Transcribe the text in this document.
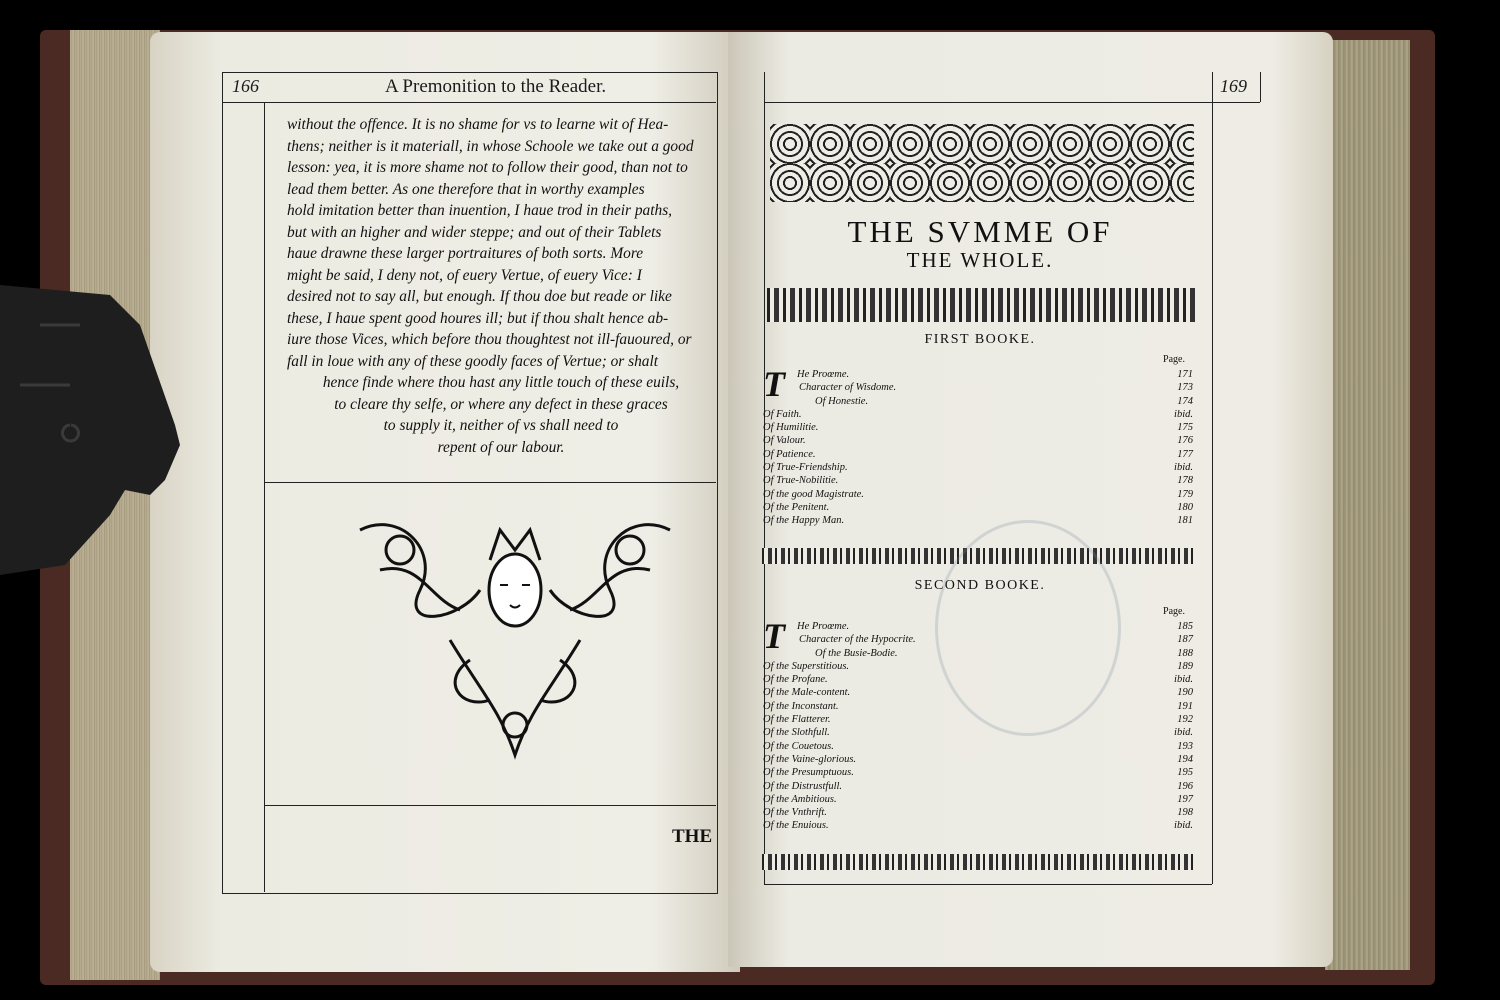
166	A Premonition to the Reader.
without the offence. It is no shame for vs to learne wit of Hea-
thens; neither is it materiall, in whose Schoole we take out a good
lesson: yea, it is more shame not to follow their good, than not to
lead them better. As one therefore that in worthy examples
hold imitation better than inuention, I haue trod in their paths,
but with an higher and wider steppe; and out of their Tablets
haue drawne these larger portraitures of both sorts. More
might be said, I deny not, of euery Vertue, of euery Vice: I
desired not to say all, but enough. If thou doe but reade or like
these, I haue spent good houres ill; but if thou shalt hence ab-
iure those Vices, which before thou thoughtest not ill-fauoured, or
fall in loue with any of these goodly faces of Vertue; or shalt
hence finde where thou hast any little touch of these euils,
to cleare thy selfe, or where any defect in these graces
to supply it, neither of vs shall need to
repent of our labour.
THE
169
THE SVMME OF
THE WHOLE.
FIRST BOOKE.
Page.
T	He Proœme.	171
Character of Wisdome.	173
Of Honestie.	174
Of Faith.	ibid.
Of Humilitie.	175
Of Valour.	176
Of Patience.	177
Of True-Friendship.	ibid.
Of True-Nobilitie.	178
Of the good Magistrate.	179
Of the Penitent.	180
Of the Happy Man.	181
SECOND BOOKE.
Page.
T	He Proœme.	185
Character of the Hypocrite.	187
Of the Busie-Bodie.	188
Of the Superstitious.	189
Of the Profane.	ibid.
Of the Male-content.	190
Of the Inconstant.	191
Of the Flatterer.	192
Of the Slothfull.	ibid.
Of the Couetous.	193
Of the Vaine-glorious.	194
Of the Presumptuous.	195
Of the Distrustfull.	196
Of the Ambitious.	197
Of the Vnthrift.	198
Of the Enuious.	ibid.
